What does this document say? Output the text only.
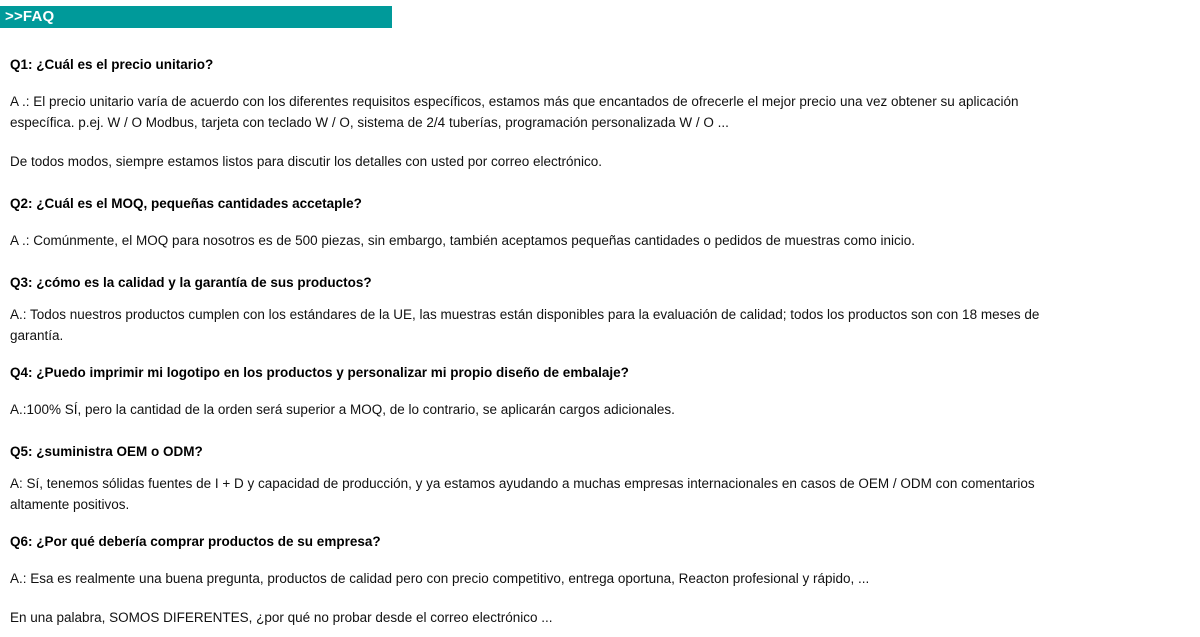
>>FAQ

Q1: ¿Cuál es el precio unitario?

A .: El precio unitario varía de acuerdo con los diferentes requisitos específicos, estamos más que encantados de ofrecerle el mejor precio una vez obtener su aplicación específica. p.ej. W / O Modbus, tarjeta con teclado W / O, sistema de 2/4 tuberías, programación personalizada W / O ...

De todos modos, siempre estamos listos para discutir los detalles con usted por correo electrónico.

Q2: ¿Cuál es el MOQ, pequeñas cantidades accetaple?

A .: Comúnmente, el MOQ para nosotros es de 500 piezas, sin embargo, también aceptamos pequeñas cantidades o pedidos de muestras como inicio.

Q3: ¿cómo es la calidad y la garantía de sus productos?

A.: Todos nuestros productos cumplen con los estándares de la UE, las muestras están disponibles para la evaluación de calidad; todos los productos son con 18 meses de garantía.

Q4: ¿Puedo imprimir mi logotipo en los productos y personalizar mi propio diseño de embalaje?

A.:100% SÍ, pero la cantidad de la orden será superior a MOQ, de lo contrario, se aplicarán cargos adicionales.

Q5: ¿suministra OEM o ODM?

A: Sí, tenemos sólidas fuentes de I + D y capacidad de producción, y ya estamos ayudando a muchas empresas internacionales en casos de OEM / ODM con comentarios altamente positivos.

Q6: ¿Por qué debería comprar productos de su empresa?

A.: Esa es realmente una buena pregunta, productos de calidad pero con precio competitivo, entrega oportuna, Reacton profesional y rápido, ...

En una palabra, SOMOS DIFERENTES, ¿por qué no probar desde el correo electrónico ...
